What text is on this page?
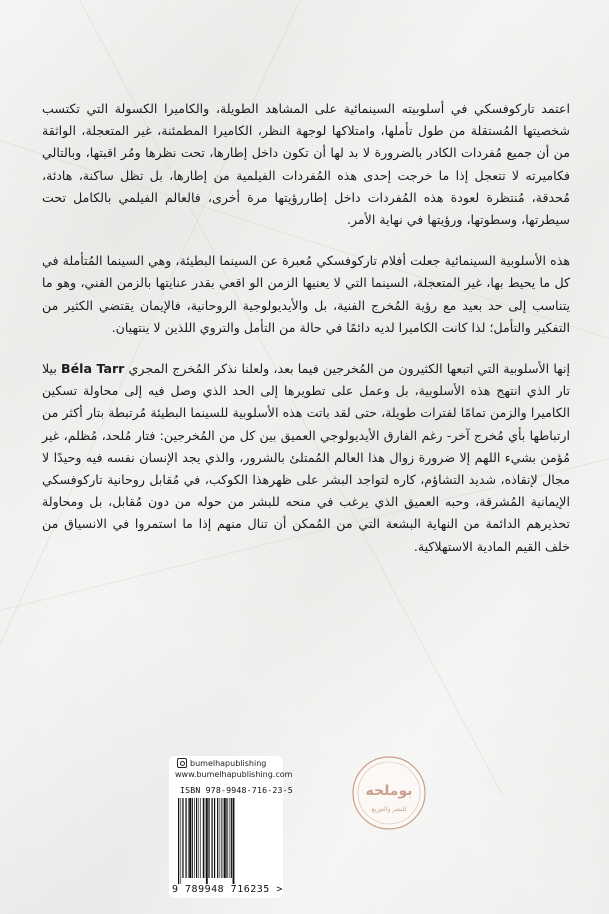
اعتمد تاركوفسكي في أسلوبيته السينمائية على المشاهد الطويلة، والكاميرا الكسولة التي تكتسب شخصيتها المُستقلة من طول تأملها، وامتلاكها لوجهة النظر، الكاميرا المطمئنة، غير المتعجلة، الواثقة من أن جميع مُفردات الكادر بالضرورة لا بد لها أن تكون داخل إطارها، تحت نظرها ومُر اقبتها، وبالتالي فكاميرته لا تتعجل إذا ما خرجت إحدى هذه المُفردات الفيلمية من إطارها، بل تظل ساكنة، هادئة، مُحدقة، مُنتظرة لعودة هذه المُفردات داخل إطاررؤيتها مرة أخرى، فالعالم الفيلمي بالكامل تحت سيطرتها، وسطوتها، ورؤيتها في نهاية الأمر.

هذه الأسلوبية السينمائية جعلت أفلام تاركوفسكي مُعبرة عن السينما البطيئة، وهي السينما المُتأملة في كل ما يحيط بها، غير المتعجلة، السينما التي لا يعنيها الزمن الو اقعي بقدر عنايتها بالزمن الفني، وهو ما يتناسب إلى حد بعيد مع رؤية المُخرج الفنية، بل والأيديولوجية الروحانية، فالإيمان يقتضي الكثير من التفكير والتأمل؛ لذا كانت الكاميرا لديه دائمًا في حالة من التأمل والتروي اللذين لا ينتهيان.

إنها الأسلوبية التي اتبعها الكثيرون من المُخرجين فيما بعد، ولعلنا نذكر المُخرج المجري Béla Tarr بيلا تار الذي انتهج هذه الأسلوبية، بل وعمل على تطويرها إلى الحد الذي وصل فيه إلى محاولة تسكين الكاميرا والزمن تمامًا لفترات طويلة، حتى لقد باتت هذه الأسلوبية للسينما البطيئة مُرتبطة بتار أكثر من ارتباطها بأي مُخرج آخر- رغم الفارق الأيديولوجي العميق بين كل من المُخرجين: فتار مُلحد، مُظلم، غير مُؤمن بشيء اللهم إلا ضرورة زوال هذا العالم المُمتلئ بالشرور، والذي يجد الإنسان نفسه فيه وحيدًا لا مجال لإنقاذه، شديد التشاؤم، كاره لتواجد البشر على ظهرهذا الكوكب، في مُقابل روحانية تاركوفسكي الإيمانية المُشرقة، وحبه العميق الذي يرغب في منحه للبشر من حوله من دون مُقابل، بل ومحاولة تحذيرهم الدائمة من النهاية البشعة التي من المُمكن أن تنال منهم إذا ما استمروا في الانسياق من خلف القيم المادية الاستهلاكية.

bumelhapublishing
www.bumelhapublishing.com
ISBN 978-9948-716-23-5
9 789948 716235 >
بوملحه
للنشر والتوزيع
